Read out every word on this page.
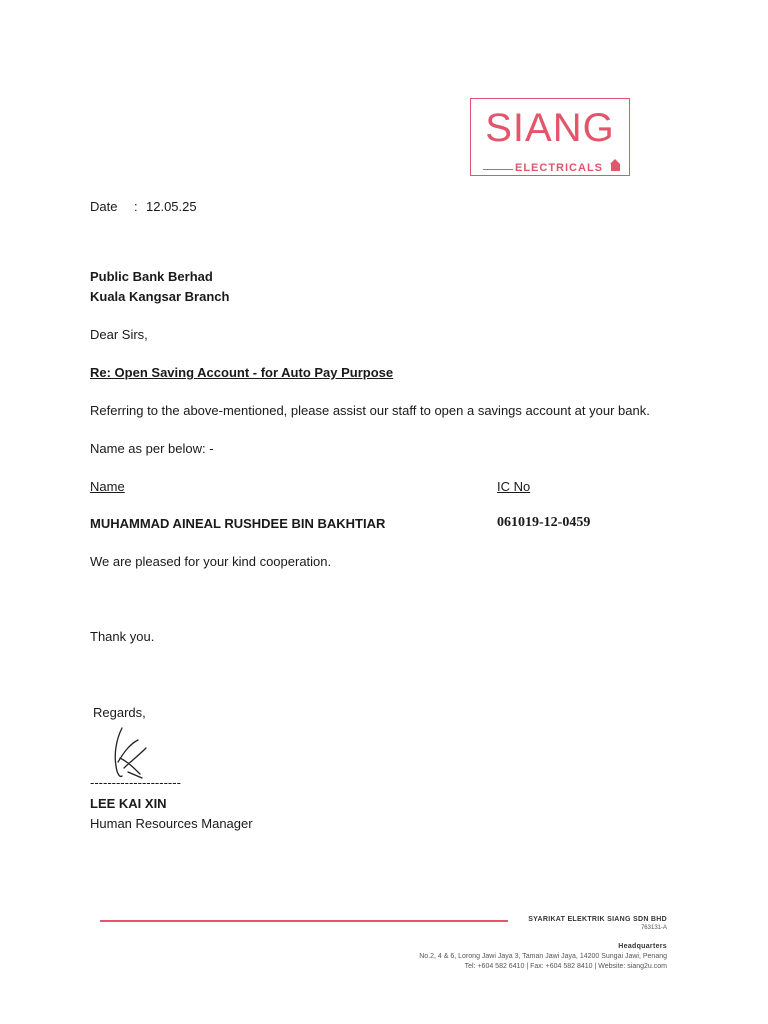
SIANG
ELECTRICALS
Date : 12.05.25
Public Bank Berhad
Kuala Kangsar Branch
Dear Sirs,
Re: Open Saving Account - for Auto Pay Purpose
Referring to the above-mentioned, please assist our staff to open a savings account at your bank.
Name as per below: -
Name	IC No
MUHAMMAD AINEAL RUSHDEE BIN BAKHTIAR	061019-12-0459
We are pleased for your kind cooperation.
Thank you.
Regards,
---------------------
LEE KAI XIN
Human Resources Manager
SYARIKAT ELEKTRIK SIANG SDN BHD
763131-A
Headquarters
No.2, 4 & 6, Lorong Jawi Jaya 3, Taman Jawi Jaya, 14200 Sungai Jawi, Penang
Tel: +604 582 6410 | Fax: +604 582 8410 | Website: siang2u.com
